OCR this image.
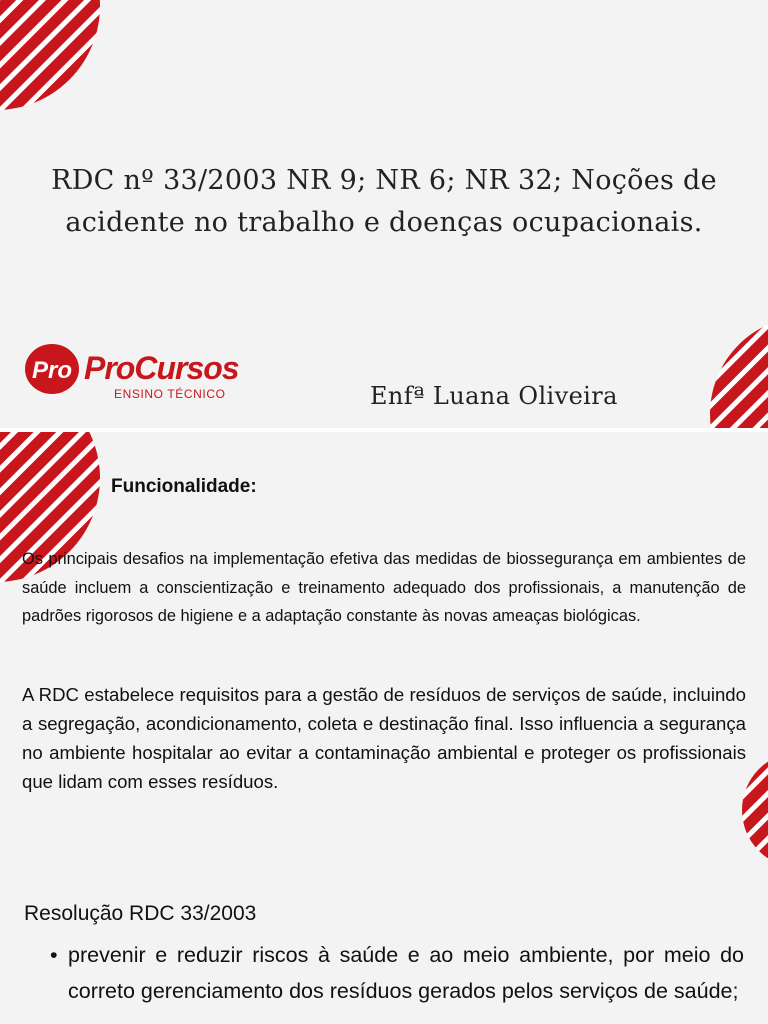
RDC nº 33/2003 NR 9; NR 6; NR 32; Noções de
acidente no trabalho e doenças ocupacionais.
Pro ProCursos
ENSINO TÉCNICO	Enfª Luana Oliveira
Funcionalidade:

Os principais desafios na implementação efetiva das medidas de biossegurança em ambientes de saúde incluem a conscientização e treinamento adequado dos profissionais, a manutenção de padrões rigorosos de higiene e a adaptação constante às novas ameaças biológicas.

A RDC estabelece requisitos para a gestão de resíduos de serviços de saúde, incluindo a segregação, acondicionamento, coleta e destinação final. Isso influencia a segurança no ambiente hospitalar ao evitar a contaminação ambiental e proteger os profissionais que lidam com esses resíduos.

Resolução RDC 33/2003
• prevenir e reduzir riscos à saúde e ao meio ambiente, por meio do correto gerenciamento dos resíduos gerados pelos serviços de saúde;
